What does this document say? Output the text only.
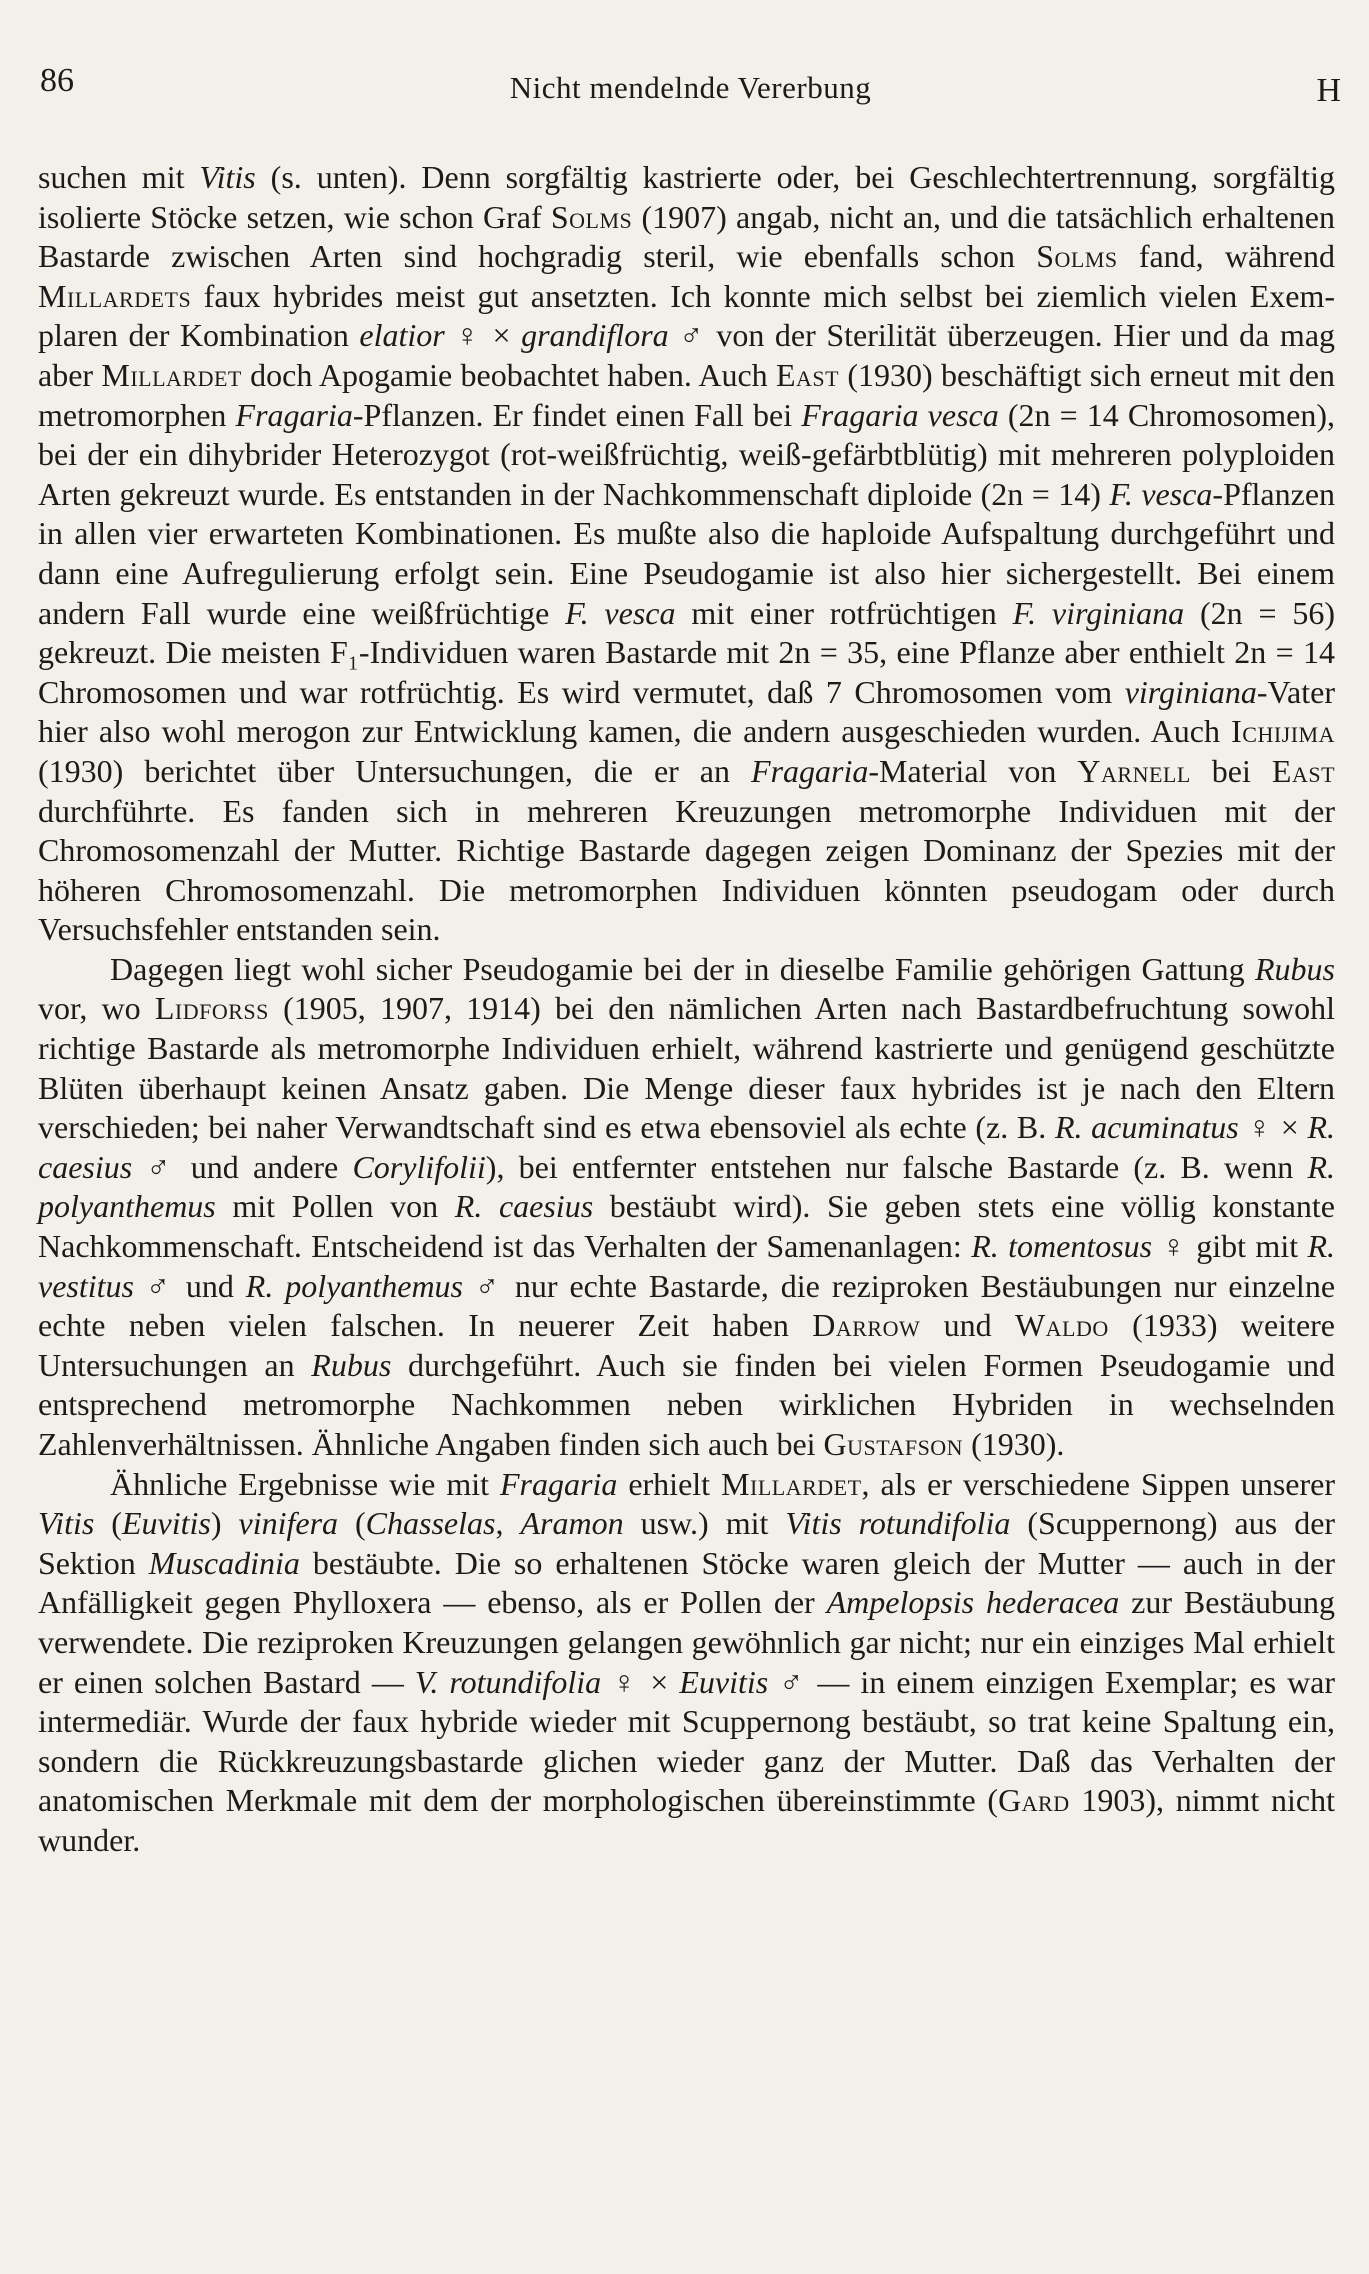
86	Nicht mendelnde Vererbung	H

suchen mit Vitis (s. unten). Denn sorgfältig kastrierte oder, bei Geschlechtertrennung, sorgfältig isolierte Stöcke setzen, wie schon Graf Solms (1907) angab, nicht an, und die tatsächlich erhaltenen Bastarde zwischen Arten sind hochgradig steril, wie ebenfalls schon Solms fand, während Millardets faux hybrides meist gut ansetzten. Ich konnte mich selbst bei ziemlich vielen Exemplaren der Kombination elatior ♀ × grandiflora ♂ von der Sterilität überzeugen. Hier und da mag aber Millardet doch Apogamie beobachtet haben. Auch East (1930) beschäftigt sich erneut mit den metromorphen Fragaria-Pflanzen. Er findet einen Fall bei Fragaria vesca (2n = 14 Chromosomen), bei der ein dihybrider Heterozygot (rot-weißfrüchtig, weiß-gefärbtblütig) mit mehreren polyploiden Arten gekreuzt wurde. Es entstanden in der Nachkommenschaft diploide (2n = 14) F. vesca-Pflanzen in allen vier erwarteten Kombinationen. Es mußte also die haploide Aufspaltung durchgeführt und dann eine Aufregulierung erfolgt sein. Eine Pseudogamie ist also hier sichergestellt. Bei einem andern Fall wurde eine weißfrüchtige F. vesca mit einer rotfrüchtigen F. virginiana (2n = 56) gekreuzt. Die meisten F₁-Individuen waren Bastarde mit 2n = 35, eine Pflanze aber enthielt 2n = 14 Chromosomen und war rotfrüchtig. Es wird vermutet, daß 7 Chromosomen vom virginiana-Vater hier also wohl merogon zur Entwicklung kamen, die andern ausgeschieden wurden. Auch Ichijima (1930) berichtet über Untersuchungen, die er an Fragaria-Material von Yarnell bei East durchführte. Es fanden sich in mehreren Kreuzungen metromorphe Individuen mit der Chromosomenzahl der Mutter. Richtige Bastarde dagegen zeigen Dominanz der Spezies mit der höheren Chromosomenzahl. Die metromorphen Individuen könnten pseudogam oder durch Versuchsfehler entstanden sein.

Dagegen liegt wohl sicher Pseudogamie bei der in dieselbe Familie gehörigen Gattung Rubus vor, wo Lidforss (1905, 1907, 1914) bei den nämlichen Arten nach Bastardbefruchtung sowohl richtige Bastarde als metromorphe Individuen erhielt, während kastrierte und genügend geschützte Blüten überhaupt keinen Ansatz gaben. Die Menge dieser faux hybrides ist je nach den Eltern verschieden; bei naher Verwandtschaft sind es etwa ebensoviel als echte (z. B. R. acuminatus ♀ × R. caesius ♂ und andere Corylifolii), bei entfernter entstehen nur falsche Bastarde (z. B. wenn R. polyanthemus mit Pollen von R. caesius bestäubt wird). Sie geben stets eine völlig konstante Nachkommenschaft. Entscheidend ist das Verhalten der Samenanlagen: R. tomentosus ♀ gibt mit R. vestitus ♂ und R. polyanthemus ♂ nur echte Bastarde, die reziproken Bestäubungen nur einzelne echte neben vielen falschen. In neuerer Zeit haben Darrow und Waldo (1933) weitere Untersuchungen an Rubus durchgeführt. Auch sie finden bei vielen Formen Pseudogamie und entsprechend metromorphe Nachkommen neben wirklichen Hybriden in wechselnden Zahlenverhältnissen. Ähnliche Angaben finden sich auch bei Gustafson (1930).

Ähnliche Ergebnisse wie mit Fragaria erhielt Millardet, als er verschiedene Sippen unserer Vitis (Euvitis) vinifera (Chasselas, Aramon usw.) mit Vitis rotundifolia (Scuppernong) aus der Sektion Muscadinia bestäubte. Die so erhaltenen Stöcke waren gleich der Mutter — auch in der Anfälligkeit gegen Phylloxera — ebenso, als er Pollen der Ampelopsis hederacea zur Bestäubung verwendete. Die reziproken Kreuzungen gelangen gewöhnlich gar nicht; nur ein einziges Mal erhielt er einen solchen Bastard — V. rotundifolia ♀ × Euvitis ♂ — in einem einzigen Exemplar; es war intermediär. Wurde der faux hybride wieder mit Scuppernong bestäubt, so trat keine Spaltung ein, sondern die Rückkreuzungsbastarde glichen wieder ganz der Mutter. Daß das Verhalten der anatomischen Merkmale mit dem der morphologischen übereinstimmte (Gard 1903), nimmt nicht wunder.
